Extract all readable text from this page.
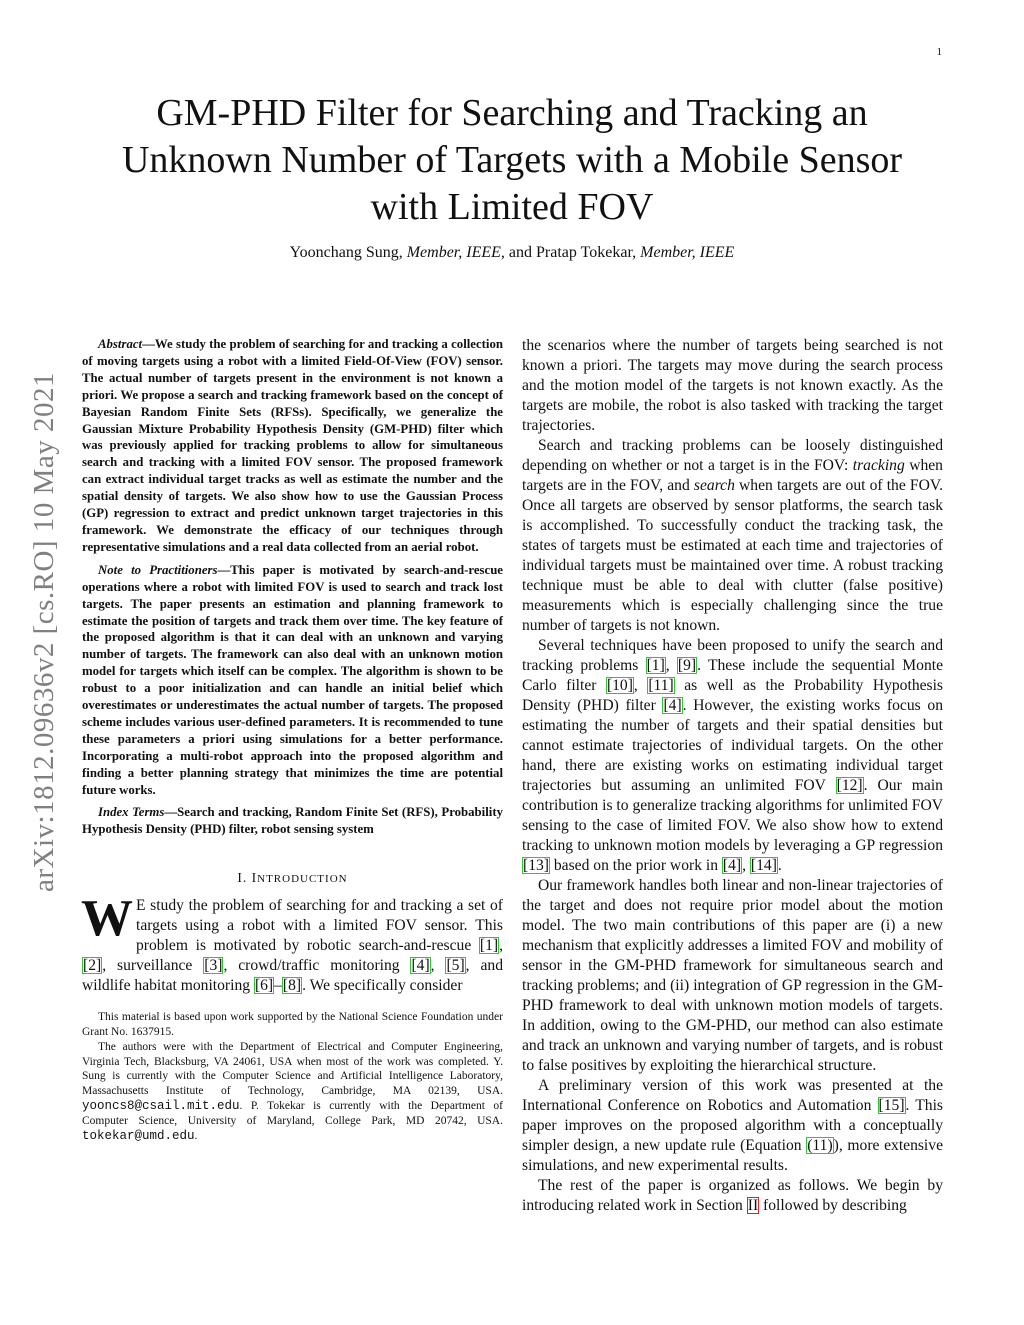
1
arXiv:1812.09636v2 [cs.RO] 10 May 2021
GM-PHD Filter for Searching and Tracking an
Unknown Number of Targets with a Mobile Sensor
with Limited FOV
Yoonchang Sung, Member, IEEE, and Pratap Tokekar, Member, IEEE

Abstract—We study the problem of searching for and tracking a collection of moving targets using a robot with a limited Field-Of-View (FOV) sensor. The actual number of targets present in the environment is not known a priori. We propose a search and tracking framework based on the concept of Bayesian Random Finite Sets (RFSs). Specifically, we generalize the Gaussian Mixture Probability Hypothesis Density (GM-PHD) filter which was previously applied for tracking problems to allow for simultaneous search and tracking with a limited FOV sensor. The proposed framework can extract individual target tracks as well as estimate the number and the spatial density of targets. We also show how to use the Gaussian Process (GP) regression to extract and predict unknown target trajectories in this framework. We demonstrate the efficacy of our techniques through representative simulations and a real data collected from an aerial robot.

Note to Practitioners—This paper is motivated by search-and-rescue operations where a robot with limited FOV is used to search and track lost targets. The paper presents an estimation and planning framework to estimate the position of targets and track them over time. The key feature of the proposed algorithm is that it can deal with an unknown and varying number of targets. The framework can also deal with an unknown motion model for targets which itself can be complex. The algorithm is shown to be robust to a poor initialization and can handle an initial belief which overestimates or underestimates the actual number of targets. The proposed scheme includes various user-defined parameters. It is recommended to tune these parameters a priori using simulations for a better performance. Incorporating a multi-robot approach into the proposed algorithm and finding a better planning strategy that minimizes the time are potential future works.

Index Terms—Search and tracking, Random Finite Set (RFS), Probability Hypothesis Density (PHD) filter, robot sensing system

I. INTRODUCTION

W E study the problem of searching for and tracking a set of targets using a robot with a limited FOV sensor. This problem is motivated by robotic search-and-rescue [1], [2], surveillance [3], crowd/traffic monitoring [4], [5], and wildlife habitat monitoring [6]–[8]. We specifically consider

This material is based upon work supported by the National Science Foundation under Grant No. 1637915.

The authors were with the Department of Electrical and Computer Engineering, Virginia Tech, Blacksburg, VA 24061, USA when most of the work was completed. Y. Sung is currently with the Computer Science and Artificial Intelligence Laboratory, Massachusetts Institute of Technology, Cambridge, MA 02139, USA. yooncs8@csail.mit.edu. P. Tokekar is currently with the Department of Computer Science, University of Maryland, College Park, MD 20742, USA. tokekar@umd.edu.

the scenarios where the number of targets being searched is not known a priori. The targets may move during the search process and the motion model of the targets is not known exactly. As the targets are mobile, the robot is also tasked with tracking the target trajectories.

Search and tracking problems can be loosely distinguished depending on whether or not a target is in the FOV: tracking when targets are in the FOV, and search when targets are out of the FOV. Once all targets are observed by sensor platforms, the search task is accomplished. To successfully conduct the tracking task, the states of targets must be estimated at each time and trajectories of individual targets must be maintained over time. A robust tracking technique must be able to deal with clutter (false positive) measurements which is especially challenging since the true number of targets is not known.

Several techniques have been proposed to unify the search and tracking problems [1], [9]. These include the sequential Monte Carlo filter [10], [11] as well as the Probability Hypothesis Density (PHD) filter [4]. However, the existing works focus on estimating the number of targets and their spatial densities but cannot estimate trajectories of individual targets. On the other hand, there are existing works on estimating individual target trajectories but assuming an unlimited FOV [12]. Our main contribution is to generalize tracking algorithms for unlimited FOV sensing to the case of limited FOV. We also show how to extend tracking to unknown motion models by leveraging a GP regression [13] based on the prior work in [4], [14].

Our framework handles both linear and non-linear trajectories of the target and does not require prior model about the motion model. The two main contributions of this paper are (i) a new mechanism that explicitly addresses a limited FOV and mobility of sensor in the GM-PHD framework for simultaneous search and tracking problems; and (ii) integration of GP regression in the GM-PHD framework to deal with unknown motion models of targets. In addition, owing to the GM-PHD, our method can also estimate and track an unknown and varying number of targets, and is robust to false positives by exploiting the hierarchical structure.

A preliminary version of this work was presented at the International Conference on Robotics and Automation [15]. This paper improves on the proposed algorithm with a conceptually simpler design, a new update rule (Equation (11)), more extensive simulations, and new experimental results.

The rest of the paper is organized as follows. We begin by introducing related work in Section II followed by describing
